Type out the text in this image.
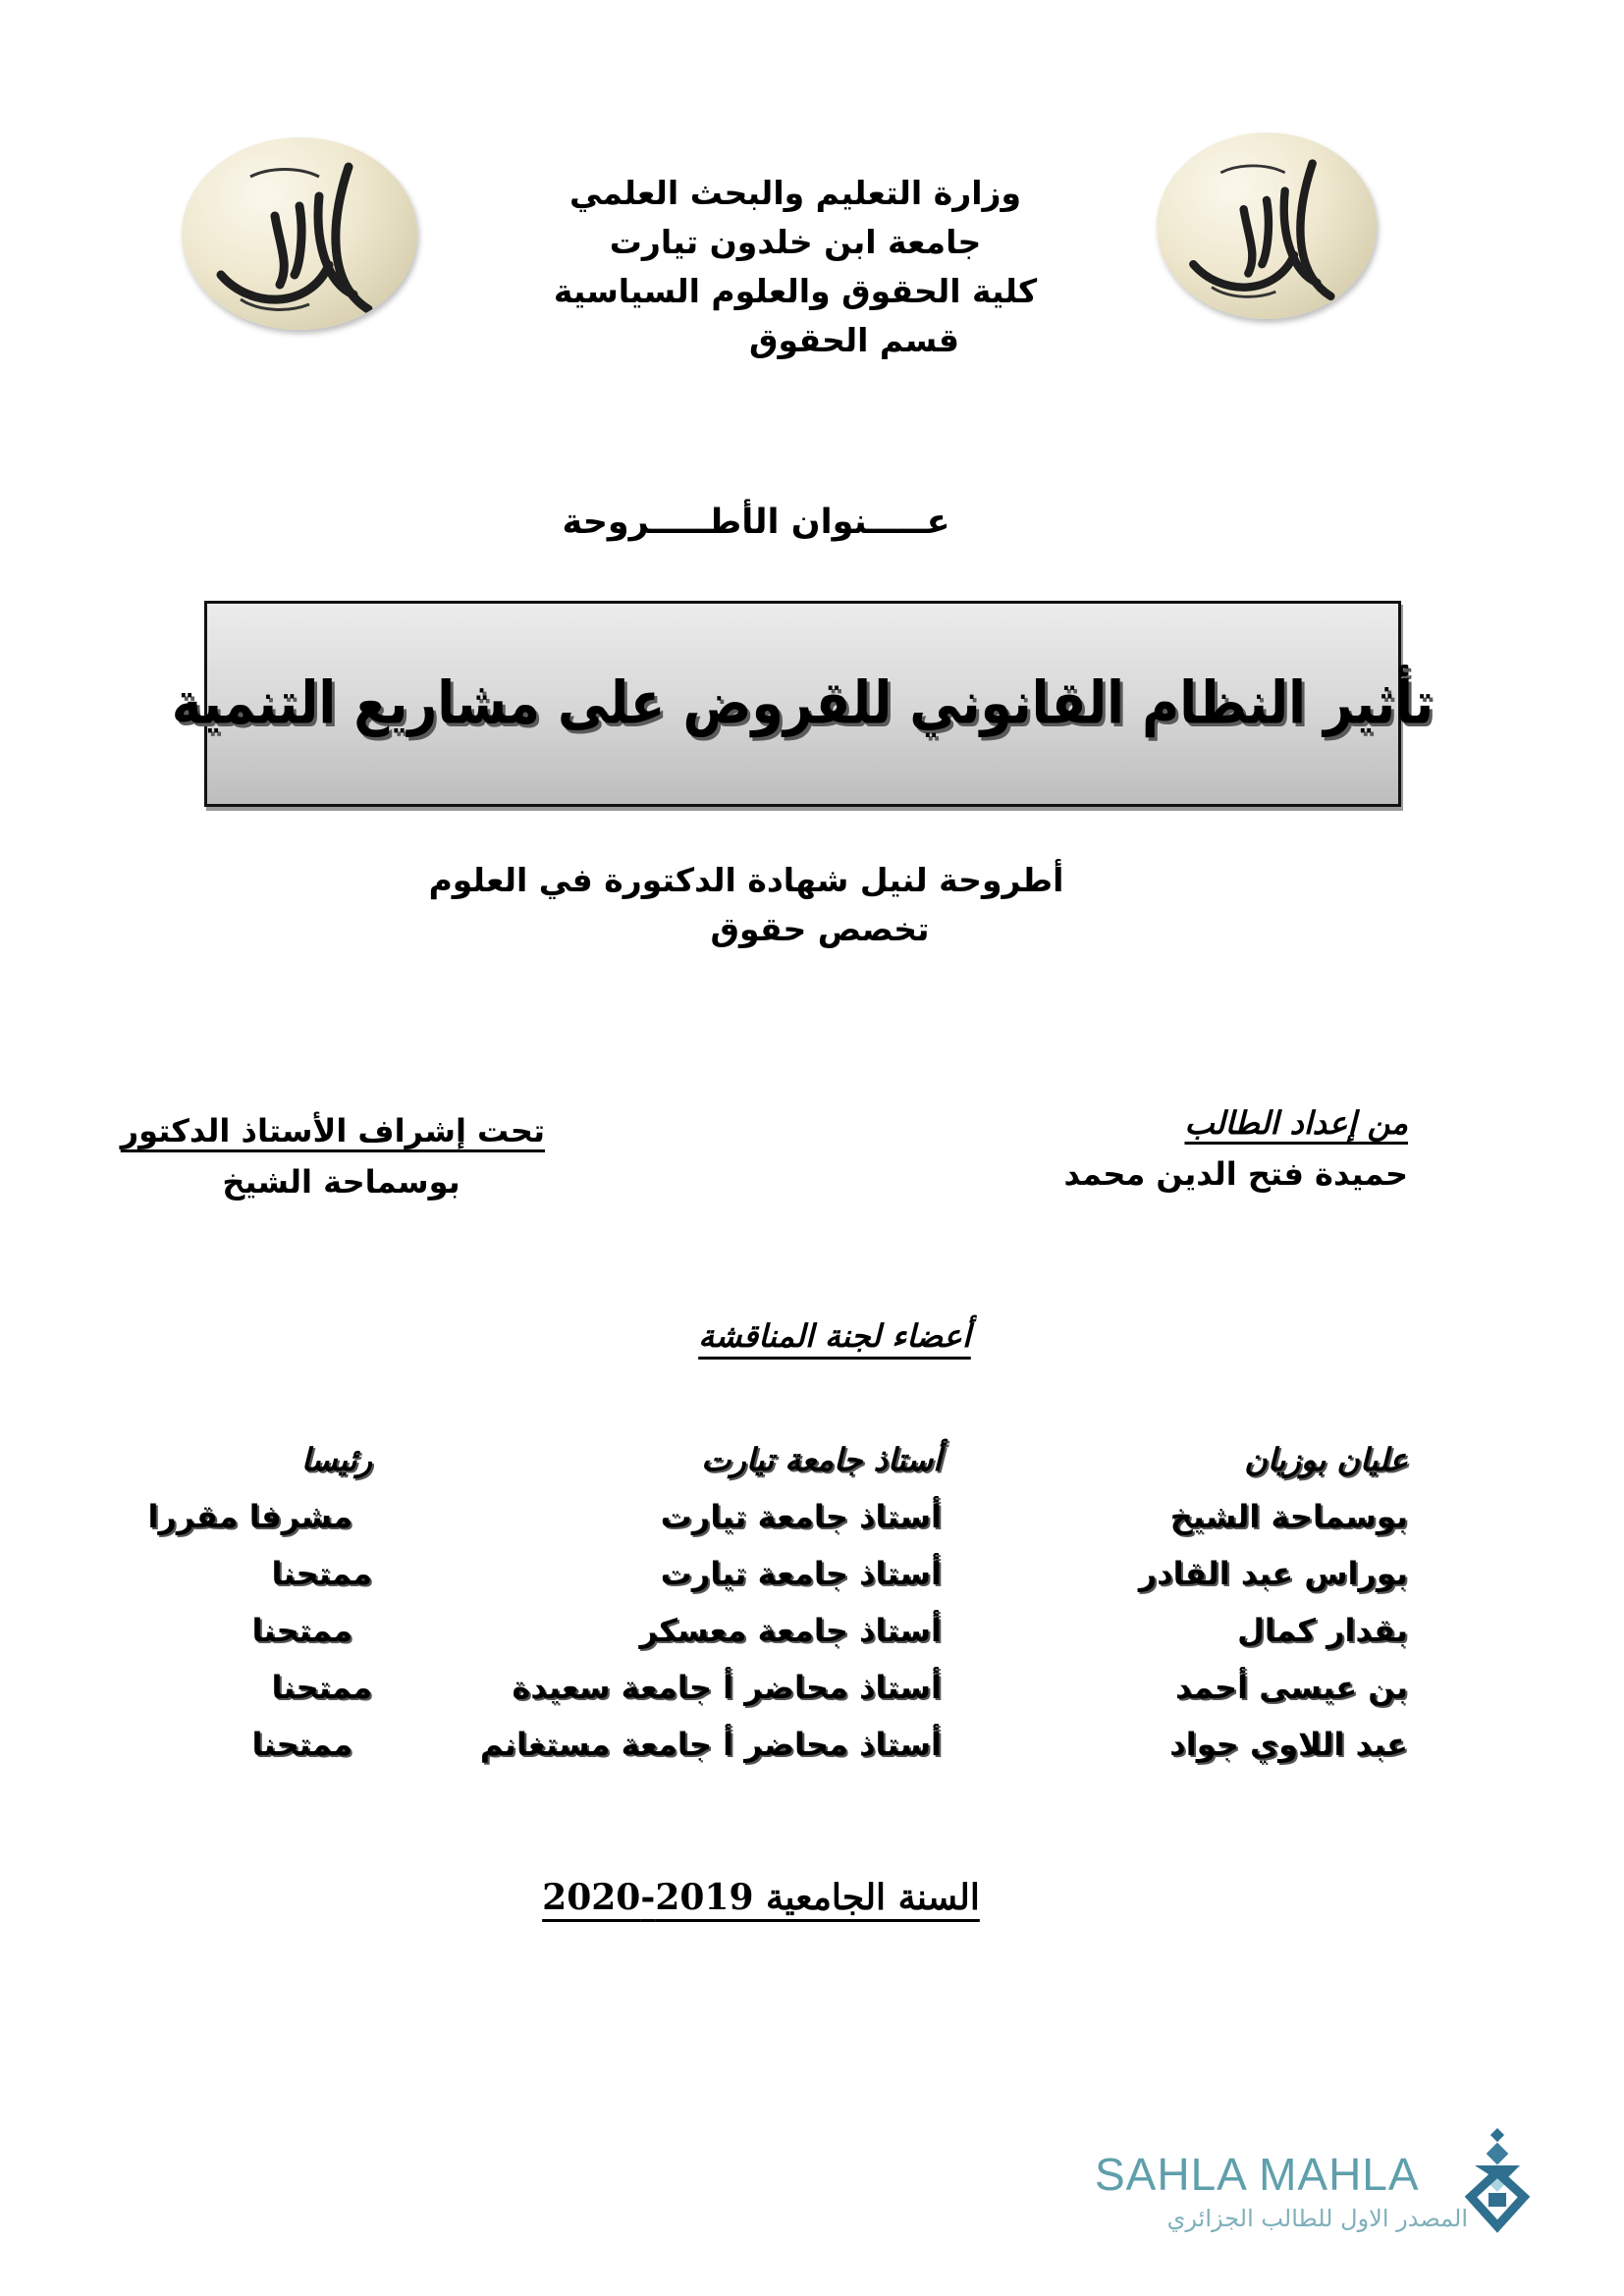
وزارة التعليم والبحث العلمي
جامعة ابن خلدون تيارت
كلية الحقوق والعلوم السياسية
قسم الحقوق
عـــــنوان الأطـــــروحة
تأثير النظام القانوني للقروض على مشاريع التنمية
أطروحة لنيل شهادة الدكتورة في العلوم
تخصص حقوق
من إعداد الطالب
حميدة فتح الدين محمد
تحت إشراف الأستاذ الدكتور
بوسماحة الشيخ
أعضاء لجنة المناقشة
عليان بوزيان
أستاذ جامعة تيارت
رئيسا
بوسماحة الشيخ
أستاذ جامعة تيارت
مشرفا مقررا
بوراس عبد القادر
أستاذ جامعة تيارت
ممتحنا
بقدار كمال
أستاذ جامعة معسكر
ممتحنا
بن عيسى أحمد
أستاذ محاضر أ جامعة سعيدة
ممتحنا
عبد اللاوي جواد
أستاذ محاضر أ جامعة مستغانم
ممتحنا
السنة الجامعية 2019-2020
SAHLA MAHLA
المصدر الاول للطالب الجزائري
